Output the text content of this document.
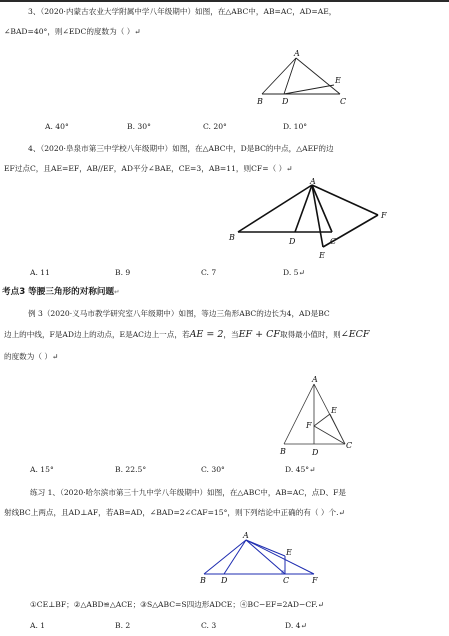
3、（2020·内蒙古农业大学附属中学八年级期中）如图，在△ABC中，AB=AC，AD=AE，
∠BAD=40°，则∠EDC的度数为（ ）↵
A
B D
E
C
A. 40°	B. 30°	C. 20°	D. 10°
4、（2020·阜泉市第三中学校八年级期中）如图，在△ABC中，D是BC的中点，△AEF的边
EF过点C，且AE=EF，AB//EF，AD平分∠BAE，CE=3，AB=11，则CF=（ ）↵
A
B	D	C
E
F
A. 11	B. 9	C. 7	D. 5↵
考点3 等腰三角形的对称问题↵
例 3（2020·义马市教学研究室八年级期中）如图，等边三角形ABC的边长为4，AD是BC
边上的中线，F是AD边上的动点，E是AC边上一点，若AE = 2，当EF + CF取得最小值时，则∠ECF
的度数为（ ）↵
A
E
F
B	D
C
A. 15°	B. 22.5°	C. 30°	D. 45°↵
练习 1、（2020·哈尔滨市第三十九中学八年级期中）如图，在△ABC中，AB=AC，点D、F是
射线BC上两点，且AD⊥AF，若AB=AD，∠BAD=2∠CAF=15°，则下列结论中正确的有（ ）个.↵
A
E
B D	C	F
①CE⊥BF；②△ABD≌△ACE；③S△ABC=S四边形ADCE；④BC−EF=2AD−CF.↵
A. 1	B. 2	C. 3	D. 4↵
